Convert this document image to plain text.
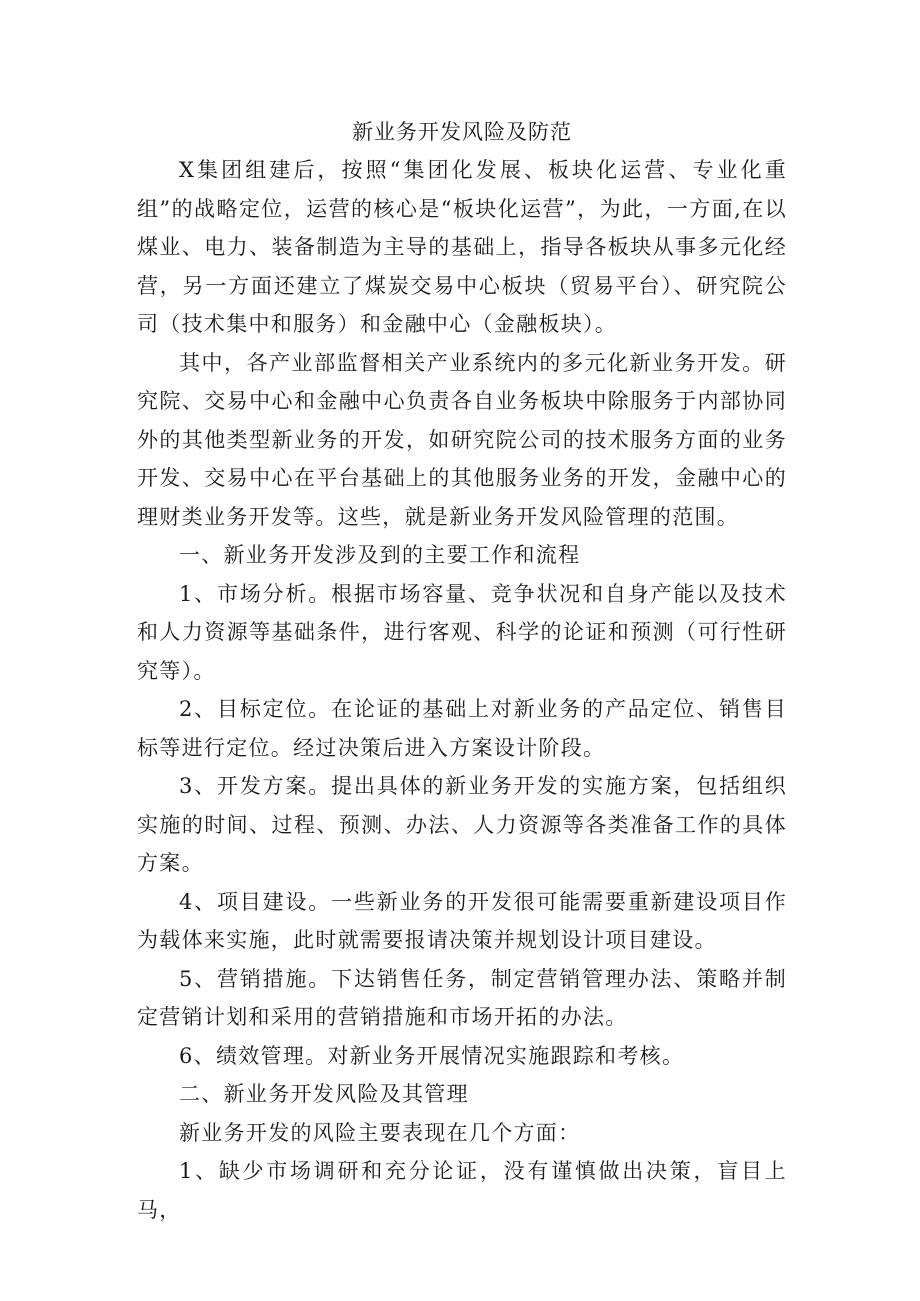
新业务开发风险及防范

X集团组建后，按照“集团化发展、板块化运营、专业化重组”的战略定位，运营的核心是“板块化运营”，为此，一方面,在以煤业、电力、装备制造为主导的基础上，指导各板块从事多元化经营，另一方面还建立了煤炭交易中心板块（贸易平台）、研究院公司（技术集中和服务）和金融中心（金融板块）。

其中，各产业部监督相关产业系统内的多元化新业务开发。研究院、交易中心和金融中心负责各自业务板块中除服务于内部协同外的其他类型新业务的开发，如研究院公司的技术服务方面的业务开发、交易中心在平台基础上的其他服务业务的开发，金融中心的理财类业务开发等。这些，就是新业务开发风险管理的范围。

一、新业务开发涉及到的主要工作和流程

1、市场分析。根据市场容量、竞争状况和自身产能以及技术和人力资源等基础条件，进行客观、科学的论证和预测（可行性研究等）。

2、目标定位。在论证的基础上对新业务的产品定位、销售目标等进行定位。经过决策后进入方案设计阶段。

3、开发方案。提出具体的新业务开发的实施方案，包括组织实施的时间、过程、预测、办法、人力资源等各类准备工作的具体方案。

4、项目建设。一些新业务的开发很可能需要重新建设项目作为载体来实施，此时就需要报请决策并规划设计项目建设。

5、营销措施。下达销售任务，制定营销管理办法、策略并制定营销计划和采用的营销措施和市场开拓的办法。

6、绩效管理。对新业务开展情况实施跟踪和考核。

二、新业务开发风险及其管理

新业务开发的风险主要表现在几个方面：

1、缺少市场调研和充分论证，没有谨慎做出决策，盲目上马，
